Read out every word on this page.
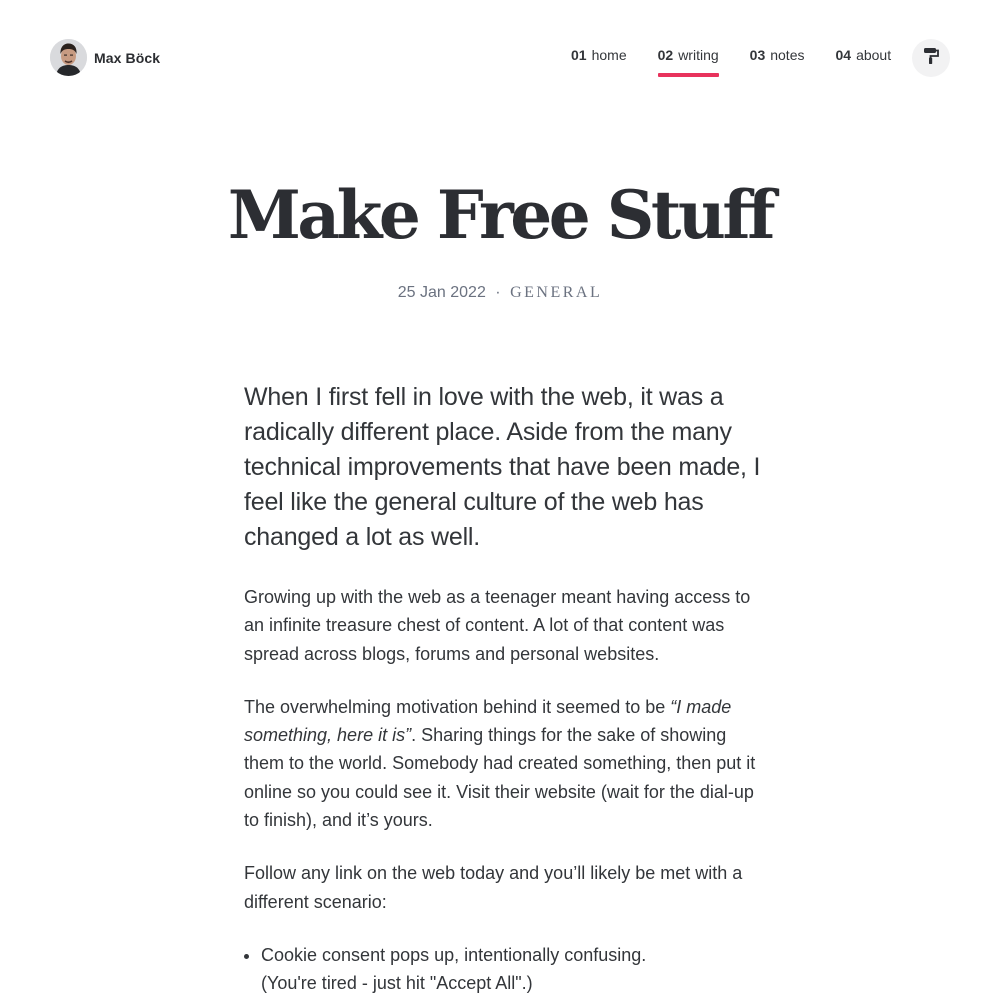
Max Böck	01 home 02 writing 03 notes 04 about
Make Free Stuff
25 Jan 2022 · GENERAL

When I first fell in love with the web, it was a radically different place. Aside from the many technical improvements that have been made, I feel like the general culture of the web has changed a lot as well.

Growing up with the web as a teenager meant having access to an infinite treasure chest of content. A lot of that content was spread across blogs, forums and personal websites.

The overwhelming motivation behind it seemed to be “I made something, here it is”. Sharing things for the sake of showing them to the world. Somebody had created something, then put it online so you could see it. Visit their website (wait for the dial-up to finish), and it’s yours.

Follow any link on the web today and you’ll likely be met with a different scenario:

• Cookie consent pops up, intentionally confusing.
(You're tired - just hit "Accept All".)
